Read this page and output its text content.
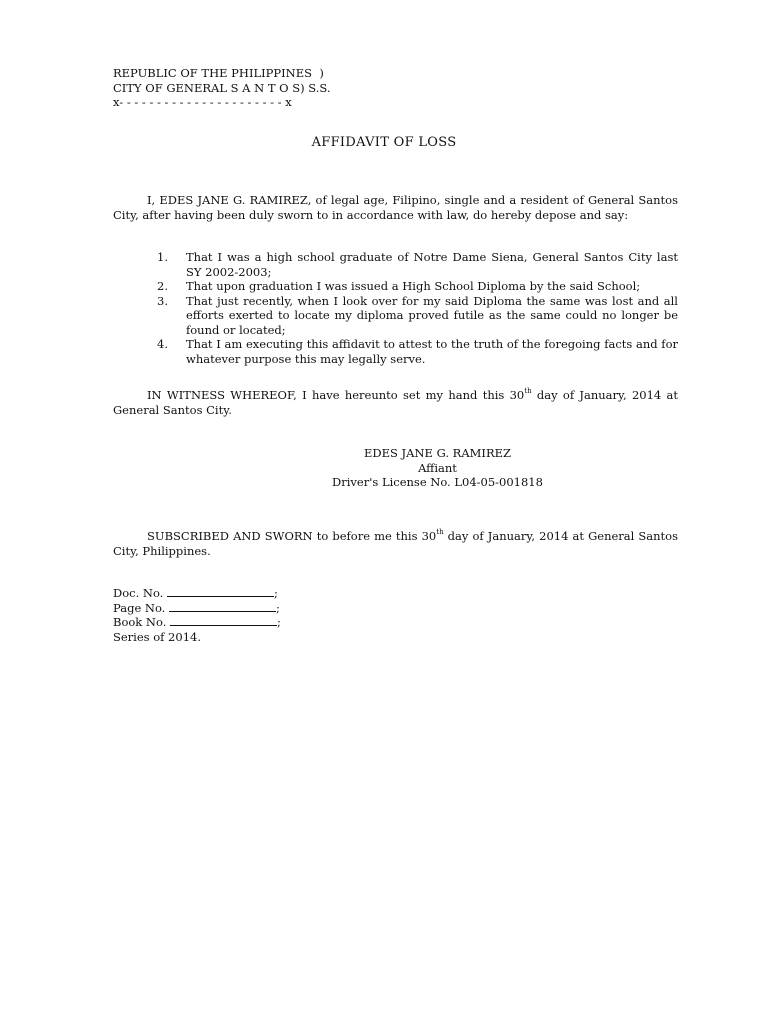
REPUBLIC OF THE PHILIPPINES  )
CITY OF GENERAL S A N T O S) S.S.
x- - - - - - - - - - - - - - - - - - - - - - x
AFFIDAVIT OF LOSS
I, EDES JANE G. RAMIREZ, of legal age, Filipino, single and a resident of General Santos City, after having been duly sworn to in accordance with law, do hereby depose and say:
1. That I was a high school graduate of Notre Dame Siena, General Santos City last SY 2002-2003;
2. That upon graduation I was issued a High School Diploma by the said School;
3. That just recently, when I look over for my said Diploma the same was lost and all efforts exerted to locate my diploma proved futile as the same could no longer be found or located;
4. That I am executing this affidavit to attest to the truth of the foregoing facts and for whatever purpose this may legally serve.
IN WITNESS WHEREOF, I have hereunto set my hand this 30th day of January, 2014 at General Santos City.
EDES JANE G. RAMIREZ
Affiant
Driver's License No. L04-05-001818
SUBSCRIBED AND SWORN to before me this 30th day of January, 2014 at General Santos City, Philippines.
Doc. No.	;
Page No.	;
Book No.	;
Series of 2014.
